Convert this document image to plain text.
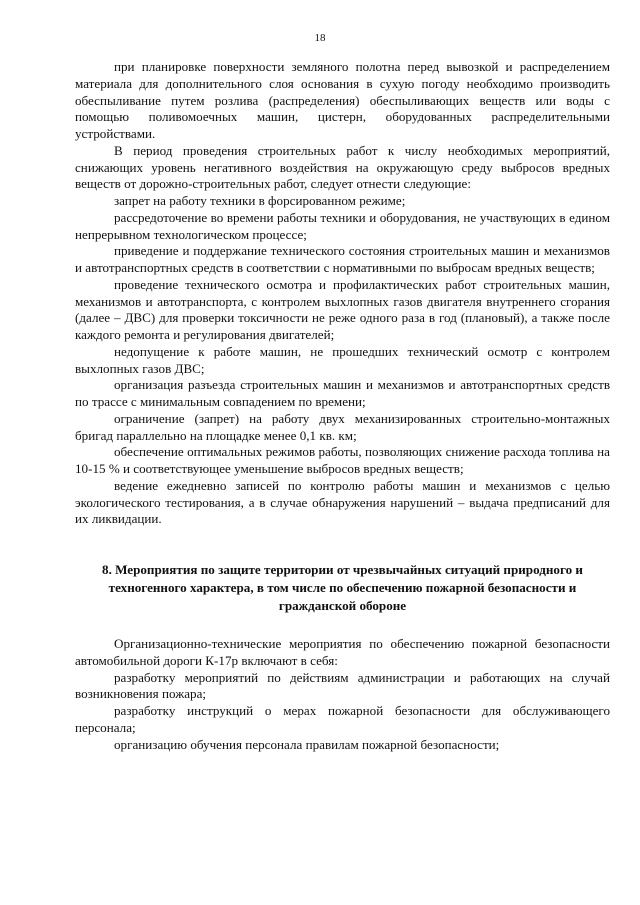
18

при планировке поверхности земляного полотна перед вывозкой и распределением материала для дополнительного слоя основания в сухую погоду необходимо производить обеспыливание путем розлива (распределения) обеспыливающих веществ или воды с помощью поливомоечных машин, цистерн, оборудованных распределительными устройствами.

В период проведения строительных работ к числу необходимых мероприятий, снижающих уровень негативного воздействия на окружающую среду выбросов вредных веществ от дорожно-строительных работ, следует отнести следующие:

запрет на работу техники в форсированном режиме;

рассредоточение во времени работы техники и оборудования, не участвующих в едином непрерывном технологическом процессе;

приведение и поддержание технического состояния строительных машин и механизмов и автотранспортных средств в соответствии с нормативными по выбросам вредных веществ;

проведение технического осмотра и профилактических работ строительных машин, механизмов и автотранспорта, с контролем выхлопных газов двигателя внутреннего сгорания (далее – ДВС) для проверки токсичности не реже одного раза в год (плановый), а также после каждого ремонта и регулирования двигателей;

недопущение к работе машин, не прошедших технический осмотр с контролем выхлопных газов ДВС;

организация разъезда строительных машин и механизмов и автотранспортных средств по трассе с минимальным совпадением по времени;

ограничение (запрет) на работу двух механизированных строительно-монтажных бригад параллельно на площадке менее 0,1 кв. км;

обеспечение оптимальных режимов работы, позволяющих снижение расхода топлива на 10-15 % и соответствующее уменьшение выбросов вредных веществ;

ведение ежедневно записей по контролю работы машин и механизмов с целью экологического тестирования, а в случае обнаружения нарушений – выдача предписаний для их ликвидации.

8. Мероприятия по защите территории от чрезвычайных ситуаций природного и техногенного характера, в том числе по обеспечению пожарной безопасности и гражданской обороне

Организационно-технические мероприятия по обеспечению пожарной безопасности автомобильной дороги К-17р включают в себя:

разработку мероприятий по действиям администрации и работающих на случай возникновения пожара;

разработку инструкций о мерах пожарной безопасности для обслуживающего персонала;

организацию обучения персонала правилам пожарной безопасности;
